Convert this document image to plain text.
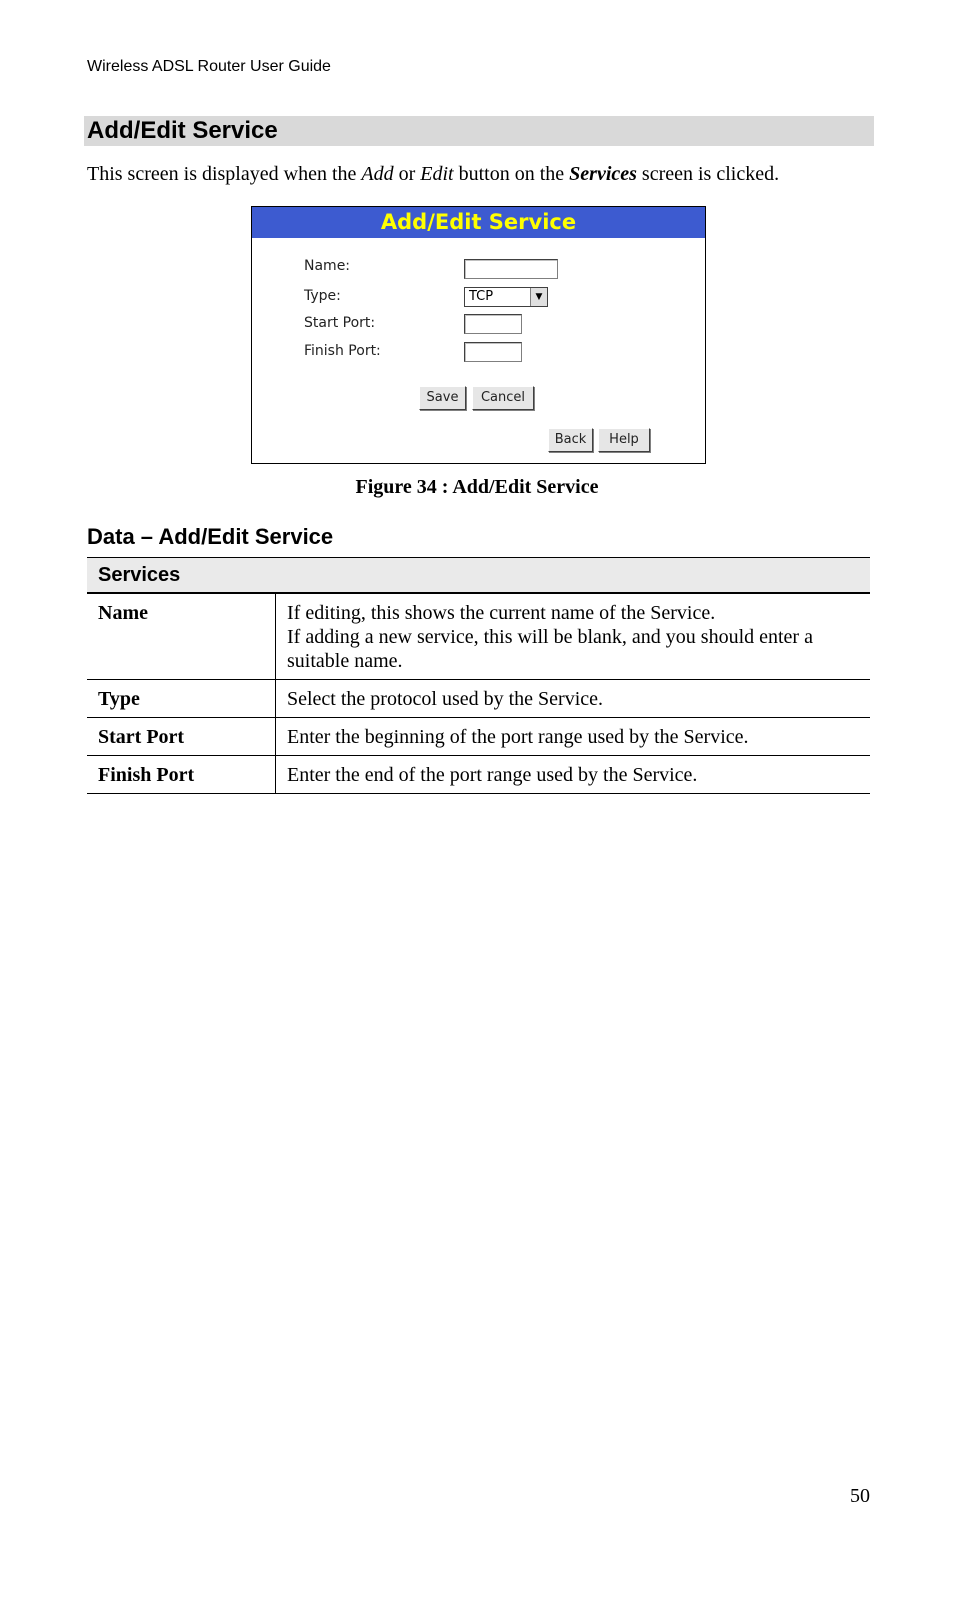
Wireless ADSL Router User Guide
Add/Edit Service

This screen is displayed when the Add or Edit button on the Services screen is clicked.

Add/Edit Service
Name:
Type:	TCP	▼
Start Port:
Finish Port:
Save	Cancel
Back	Help
Figure 34 : Add/Edit Service
Data – Add/Edit Service
Services	
Name	If editing, this shows the current name of the Service.
If adding a new service, this will be blank, and you should enter a suitable name.

Type	Select the protocol used by the Service.

Start Port	Enter the beginning of the port range used by the Service.

Finish Port	Enter the end of the port range used by the Service.
50
